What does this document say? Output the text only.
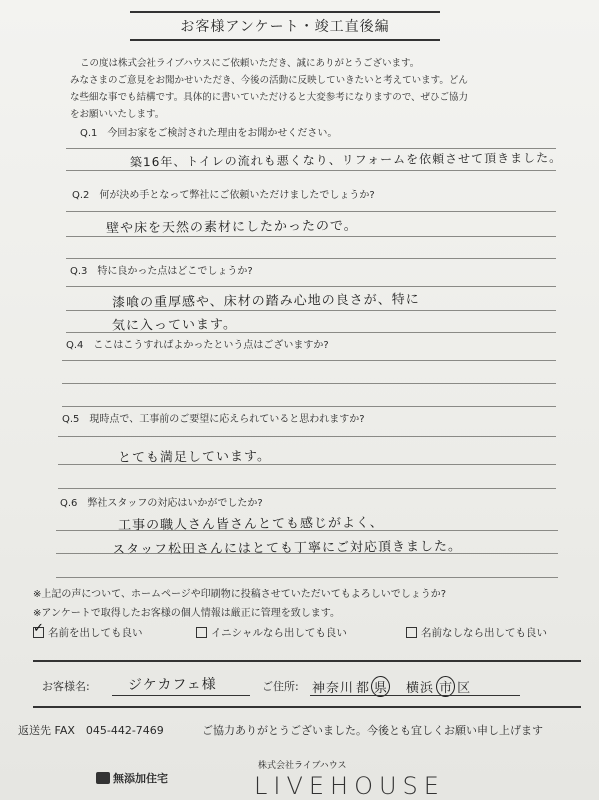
お客様アンケート・竣工直後編
この度は株式会社ライブハウスにご依頼いただき、誠にありがとうございます。
みなさまのご意見をお聞かせいただき、今後の活動に反映していきたいと考えています。どん
な些細な事でも結構です。具体的に書いていただけると大変参考になりますので、ぜひご協力
をお願いいたします。
Q.1　今回お家をご検討された理由をお聞かせください。
築16年、トイレの流れも悪くなり、リフォームを依頼させて頂きました。
Q.2　何が決め手となって弊社にご依頼いただけましたでしょうか?
壁や床を天然の素材にしたかったので。
Q.3　特に良かった点はどこでしょうか?
漆喰の重厚感や、床材の踏み心地の良さが、特に
気に入っています。
Q.4　ここはこうすればよかったという点はございますか?
Q.5　現時点で、工事前のご要望に応えられていると思われますか?
とても満足しています。
Q.6　弊社スタッフの対応はいかがでしたか?
工事の職人さん皆さんとても感じがよく、
スタッフ松田さんにはとても丁寧にご対応頂きました。
※上記の声について、ホームページや印刷物に投稿させていただいてもよろしいでしょうか?
※アンケートで取得したお客様の個人情報は厳正に管理を致します。
✓
名前を出しても良い	イニシャルなら出しても良い	名前なしなら出しても良い
お客様名:	ジケカフェ様	ご住所: 神奈川 都 県 横浜 市 区
返送先 FAX　045-442-7469	ご協力ありがとうございました。今後とも宜しくお願い申し上げます
無添加住宅
株式会社ライブハウス
LIVEHOUSE
